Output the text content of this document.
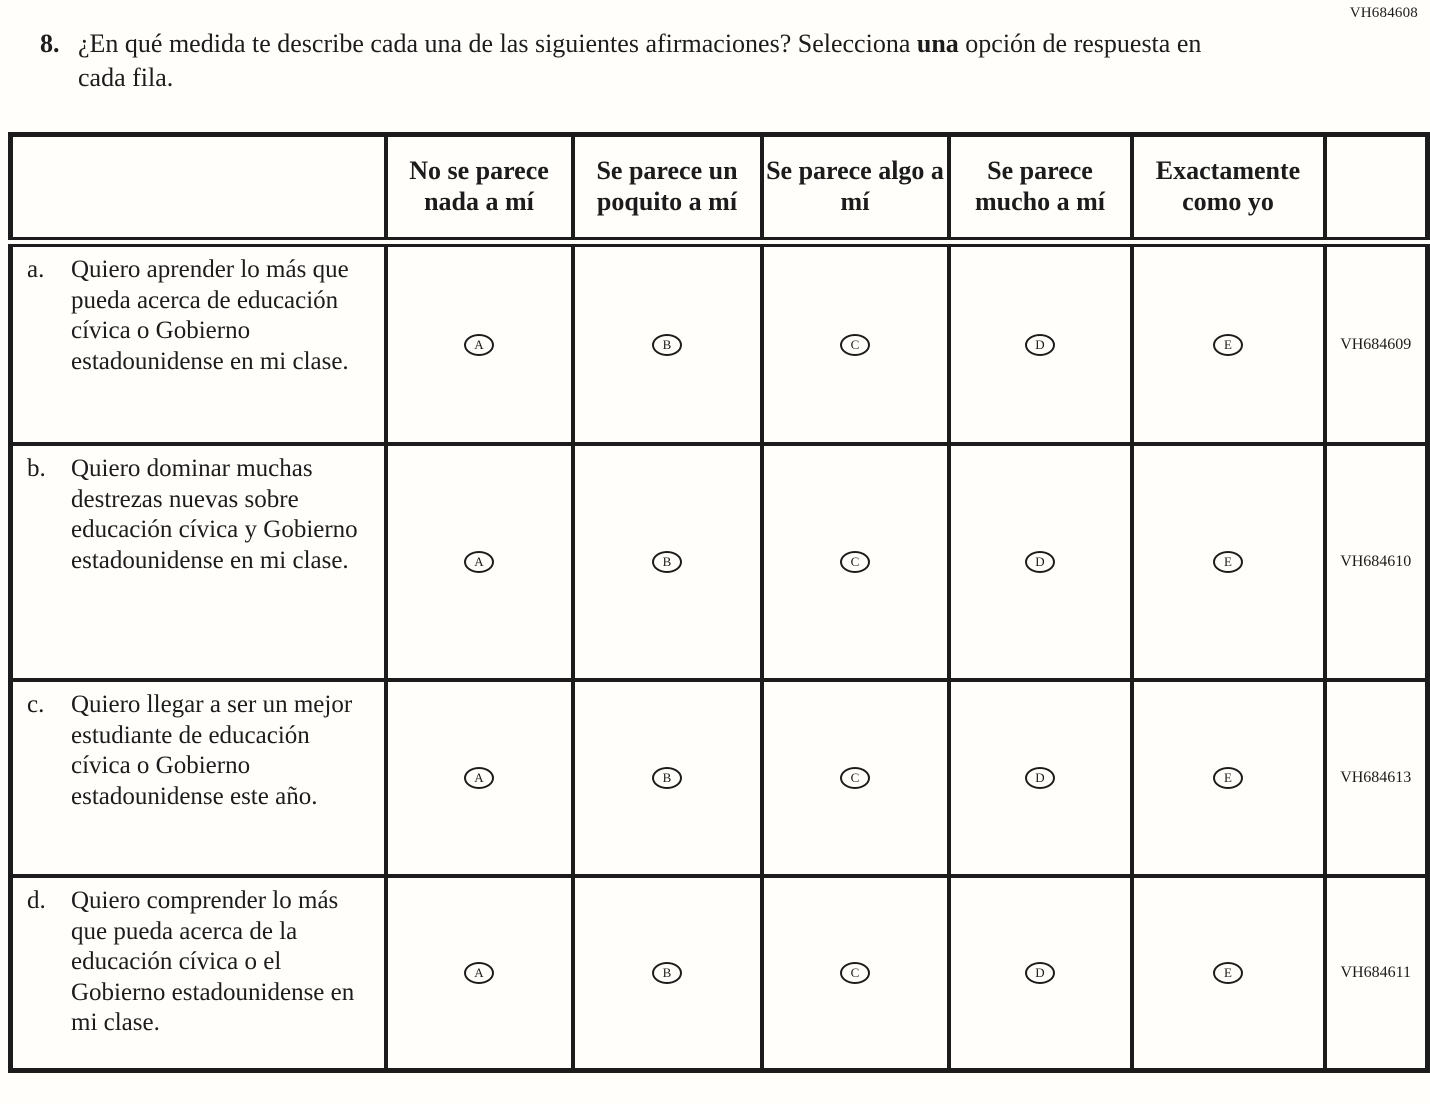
VH684608
8. ¿En qué medida te describe cada una de las siguientes afirmaciones? Selecciona una opción de respuesta en cada fila.
	No se parece nada a mí	Se parece un poquito a mí	Se parece algo a mí	Se parece mucho a mí	Exactamente como yo	

a. Quiero aprender lo más que pueda acerca de educación cívica o Gobierno estadounidense en mi clase.	A	B	C	D	E	VH684609

b. Quiero dominar muchas destrezas nuevas sobre educación cívica y Gobierno estadounidense en mi clase.	A	B	C	D	E	VH684610

c. Quiero llegar a ser un mejor estudiante de educación cívica o Gobierno estadounidense este año.	A	B	C	D	E	VH684613

d. Quiero comprender lo más que pueda acerca de la educación cívica o el Gobierno estadounidense en mi clase.	A	B	C	D	E	VH684611
